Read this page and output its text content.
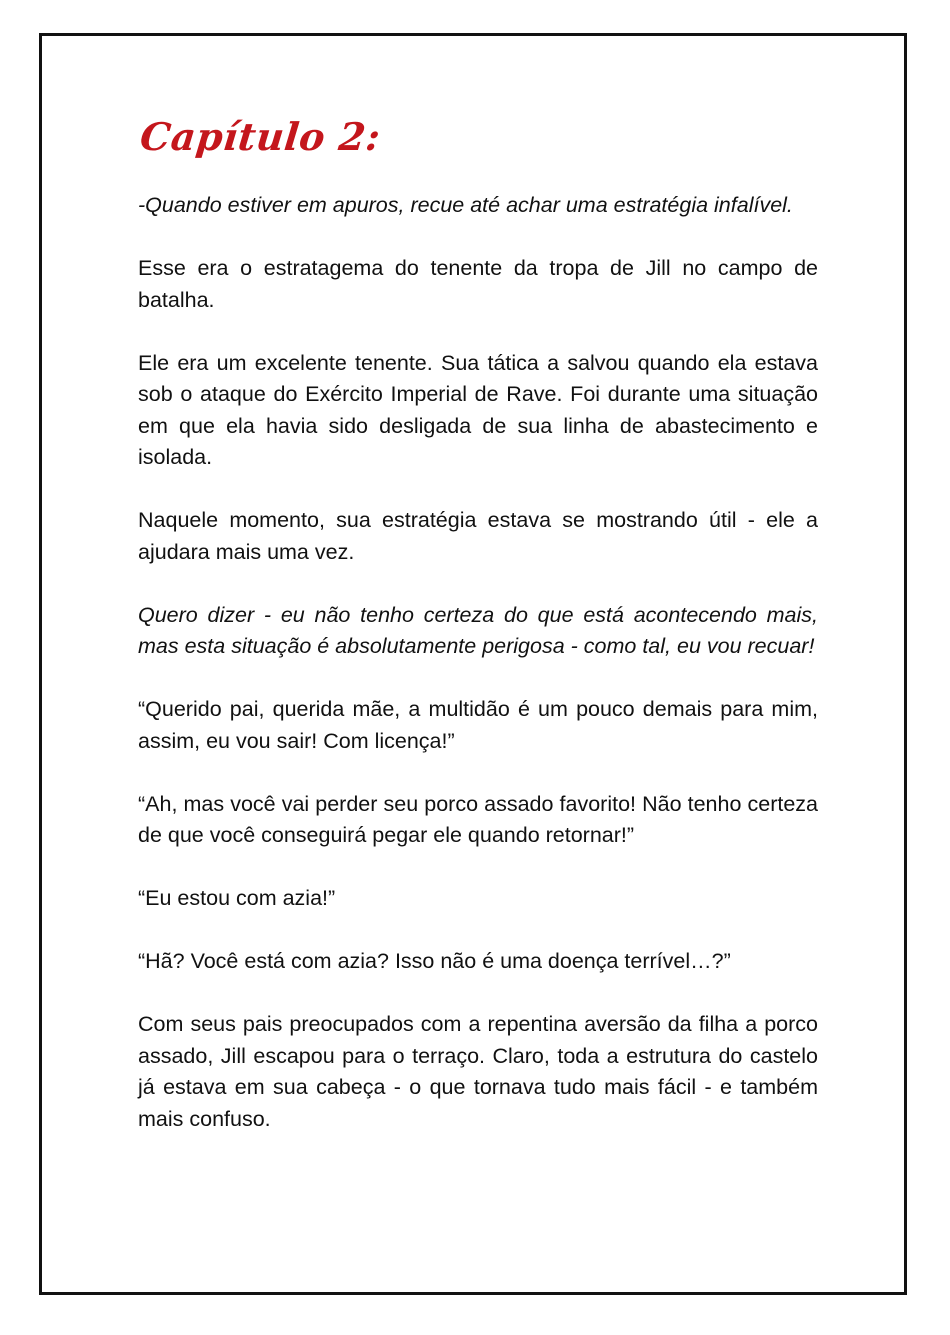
Capítulo 2:

-Quando estiver em apuros, recue até achar uma estratégia infalível.

Esse era o estratagema do tenente da tropa de Jill no campo de batalha.

Ele era um excelente tenente. Sua tática a salvou quando ela estava sob o ataque do Exército Imperial de Rave. Foi durante uma situação em que ela havia sido desligada de sua linha de abastecimento e isolada.

Naquele momento, sua estratégia estava se mostrando útil - ele a ajudara mais uma vez.

Quero dizer - eu não tenho certeza do que está acontecendo mais, mas esta situação é absolutamente perigosa - como tal, eu vou recuar!

“Querido pai, querida mãe, a multidão é um pouco demais para mim, assim, eu vou sair! Com licença!”

“Ah, mas você vai perder seu porco assado favorito! Não tenho certeza de que você conseguirá pegar ele quando retornar!”

“Eu estou com azia!”

“Hã? Você está com azia? Isso não é uma doença terrível…?”

Com seus pais preocupados com a repentina aversão da filha a porco assado, Jill escapou para o terraço. Claro, toda a estrutura do castelo já estava em sua cabeça - o que tornava tudo mais fácil - e também mais confuso.
